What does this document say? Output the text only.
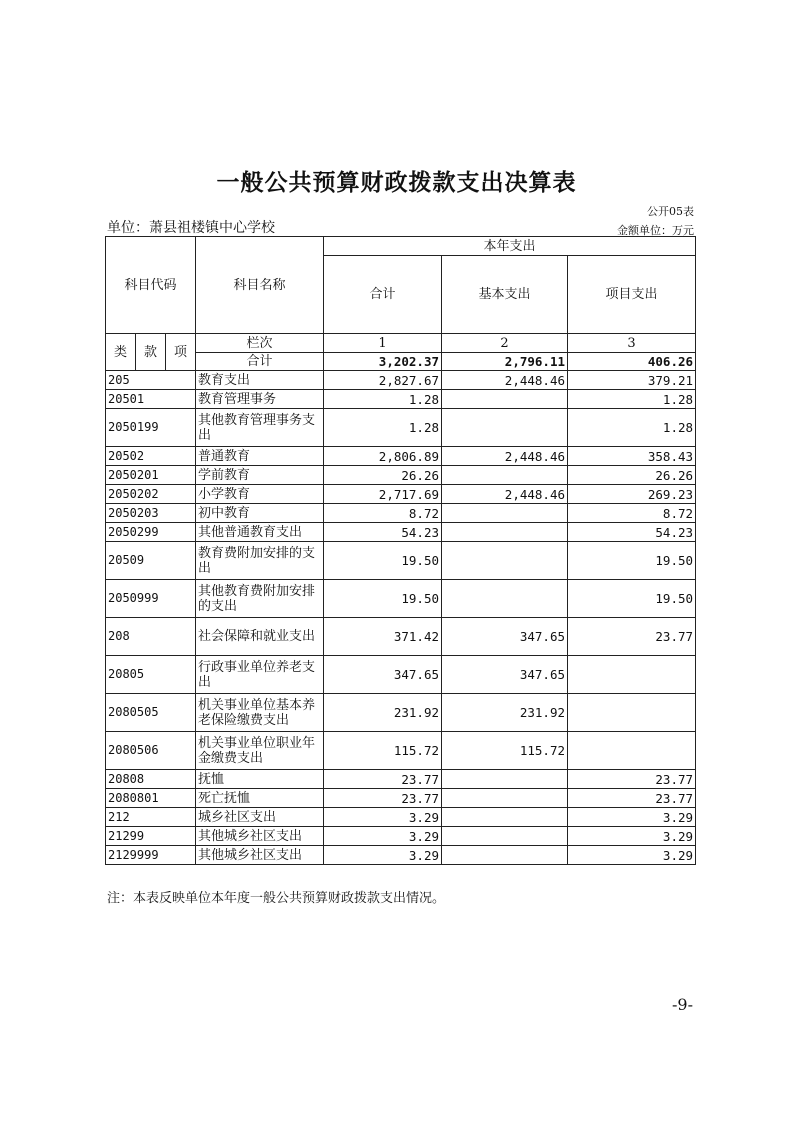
一般公共预算财政拨款支出决算表
公开05表
单位：萧县祖楼镇中心学校	金额单位：万元
科目代码			科目名称	本年支出		
				合计	基本支出	项目支出
类	款	项	栏次	1	2	3
			合计	3,202.37	2,796.11	406.26
205			教育支出	2,827.67	2,448.46	379.21
20501			教育管理事务	1.28		1.28
2050199			其他教育管理事务支出	1.28		1.28
20502			普通教育	2,806.89	2,448.46	358.43
2050201			学前教育	26.26		26.26
2050202			小学教育	2,717.69	2,448.46	269.23
2050203			初中教育	8.72		8.72
2050299			其他普通教育支出	54.23		54.23
20509			教育费附加安排的支出	19.50		19.50
2050999			其他教育费附加安排的支出	19.50		19.50
208			社会保障和就业支出	371.42	347.65	23.77
20805			行政事业单位养老支出	347.65	347.65	
2080505			机关事业单位基本养老保险缴费支出	231.92	231.92	
2080506			机关事业单位职业年金缴费支出	115.72	115.72	
20808			抚恤	23.77		23.77
2080801			死亡抚恤	23.77		23.77
212			城乡社区支出	3.29		3.29
21299			其他城乡社区支出	3.29		3.29
2129999			其他城乡社区支出	3.29		3.29
注：本表反映单位本年度一般公共预算财政拨款支出情况。
-9-
